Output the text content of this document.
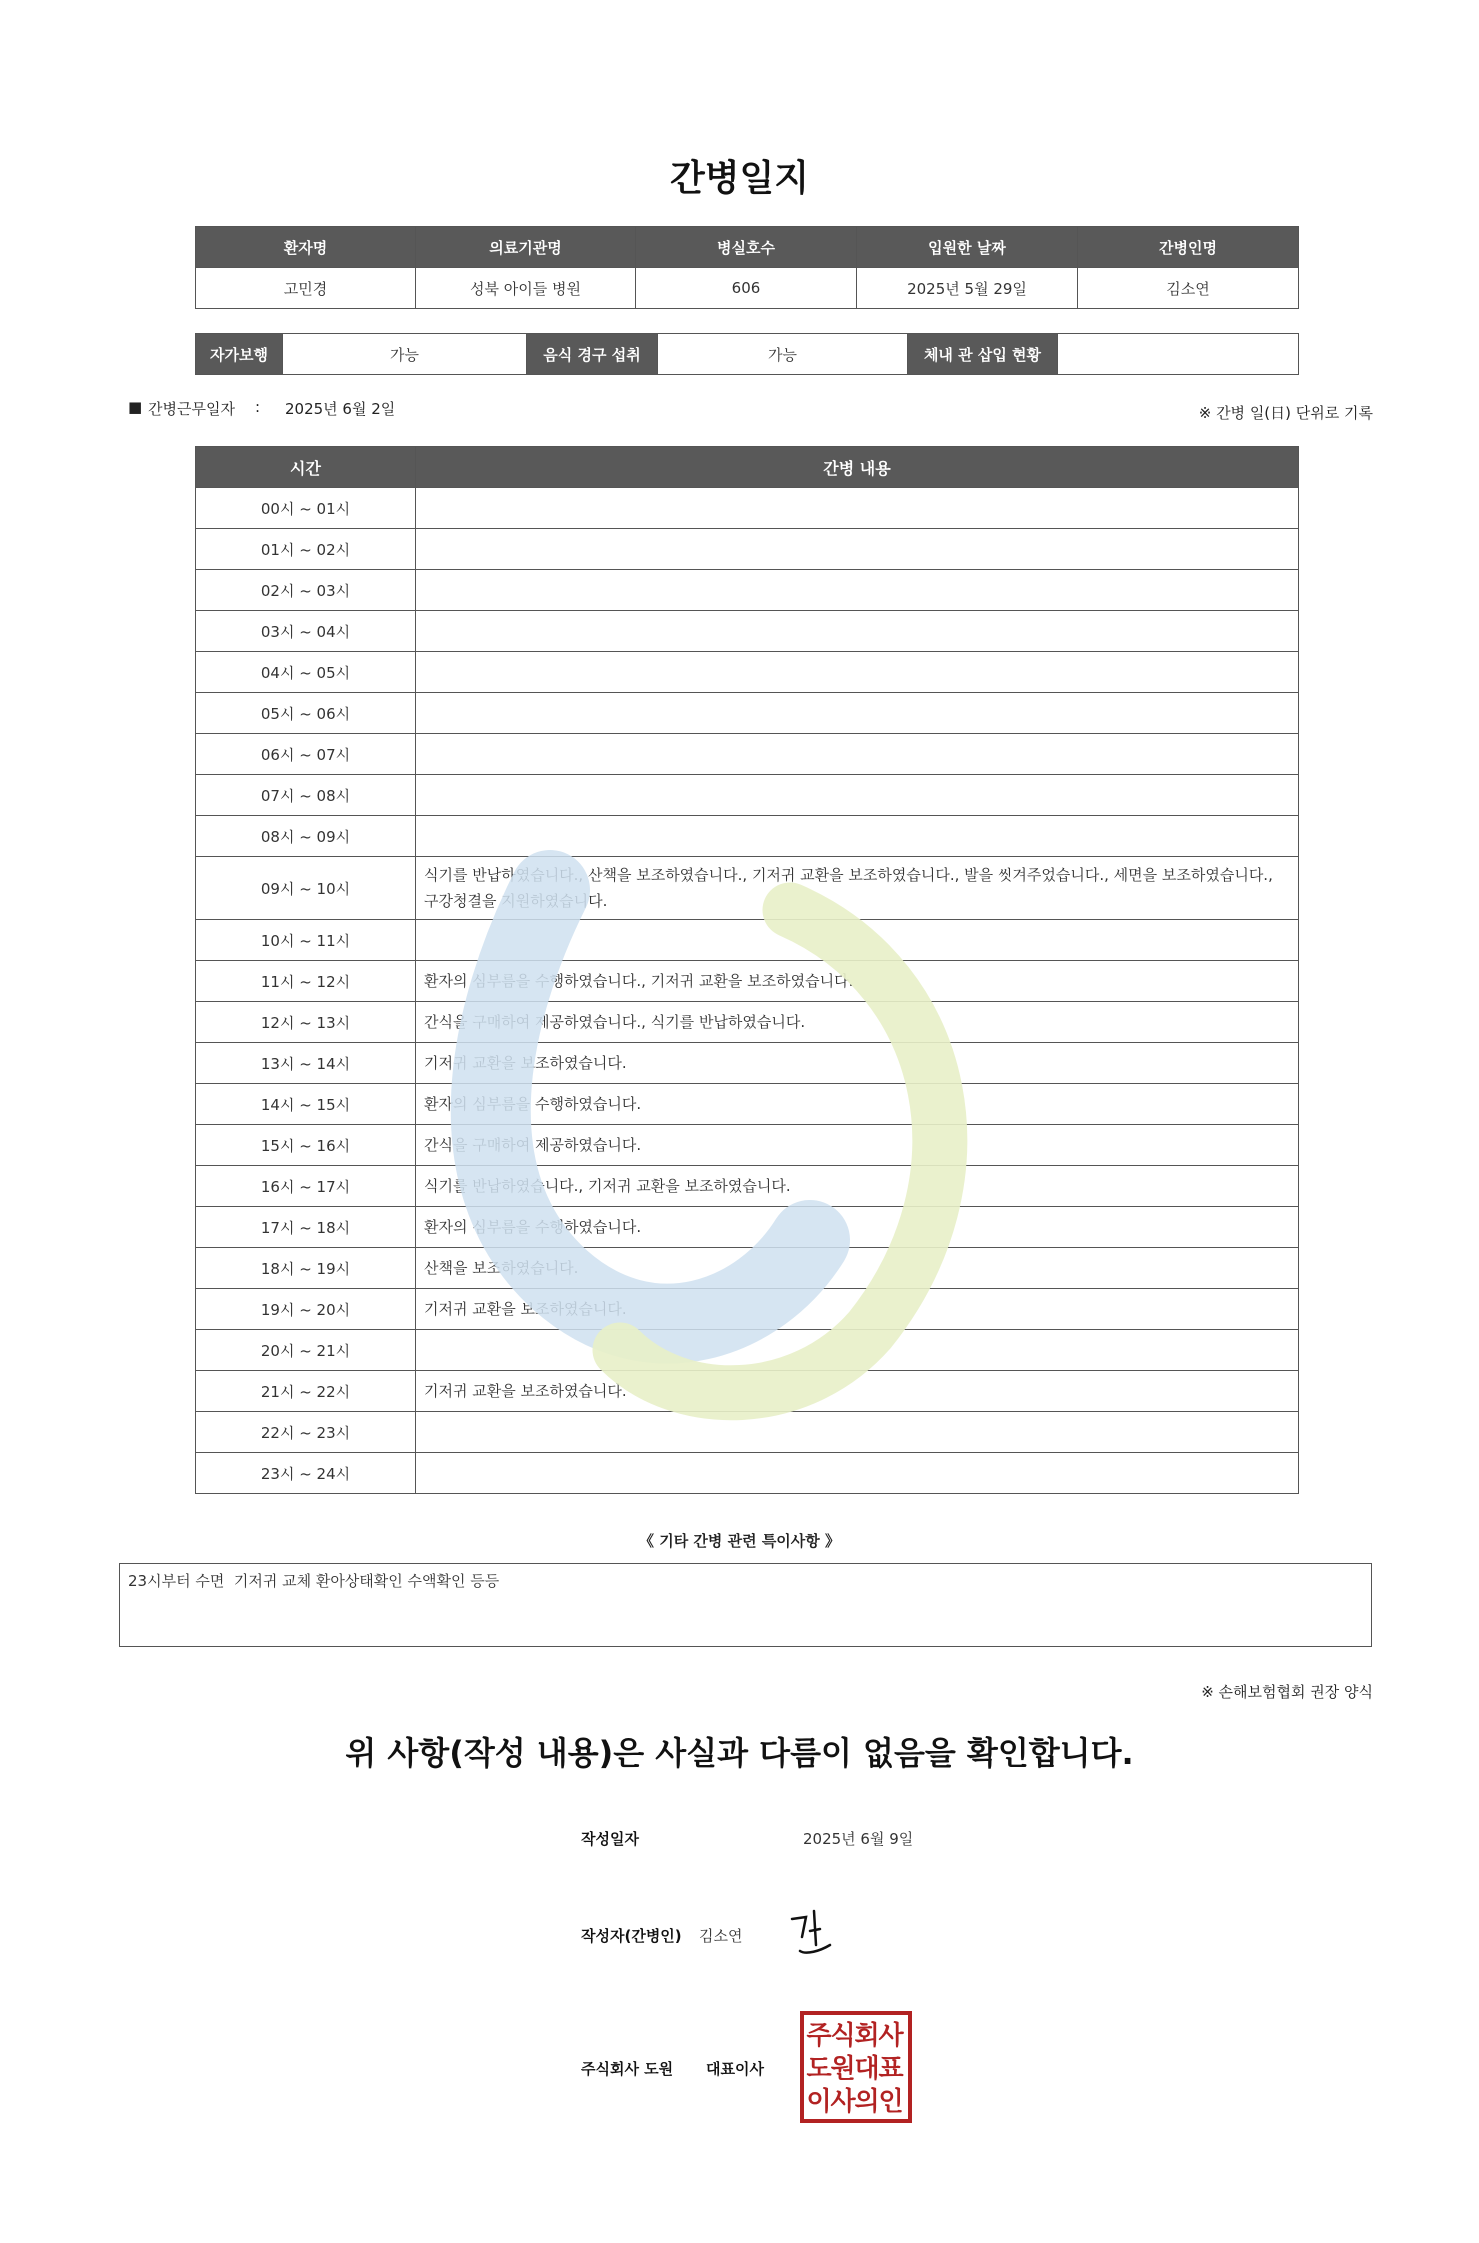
간병일지
환자명	의료기관명	병실호수	입원한 날짜	간병인명
고민경	성북 아이들 병원	606	2025년 5월 29일	김소연
자가보행	가능	음식 경구 섭취	가능	체내 관 삽입 현황	
■ 간병근무일자 : 2025년 6월 2일	※ 간병 일(日) 단위로 기록
시간	간병 내용
00시 ~ 01시	
01시 ~ 02시	
02시 ~ 03시	
03시 ~ 04시	
04시 ~ 05시	
05시 ~ 06시	
06시 ~ 07시	
07시 ~ 08시	
08시 ~ 09시	
09시 ~ 10시	식기를 반납하였습니다., 산책을 보조하였습니다., 기저귀 교환을 보조하였습니다., 발을 씻겨주었습니다., 세면을 보조하였습니다., 구강청결을 지원하였습니다.
10시 ~ 11시	
11시 ~ 12시	환자의 심부름을 수행하였습니다., 기저귀 교환을 보조하였습니다.
12시 ~ 13시	간식을 구매하여 제공하였습니다., 식기를 반납하였습니다.
13시 ~ 14시	기저귀 교환을 보조하였습니다.
14시 ~ 15시	환자의 심부름을 수행하였습니다.
15시 ~ 16시	간식을 구매하여 제공하였습니다.
16시 ~ 17시	식기를 반납하였습니다., 기저귀 교환을 보조하였습니다.
17시 ~ 18시	환자의 심부름을 수행하였습니다.
18시 ~ 19시	산책을 보조하였습니다.
19시 ~ 20시	기저귀 교환을 보조하였습니다.
20시 ~ 21시	
21시 ~ 22시	기저귀 교환을 보조하였습니다.
22시 ~ 23시	
23시 ~ 24시	
《 기타 간병 관련 특이사항 》
23시부터 수면  기저귀 교체 환아상태확인 수액확인 등등
※ 손해보험협회 권장 양식
위 사항(작성 내용)은 사실과 다름이 없음을 확인합니다.
작성일자	2025년 6월 9일
작성자(간병인) 김소연
주식회사 도원 대표이사
주
식
회
사
도
원
대
표
이
사
의
인
